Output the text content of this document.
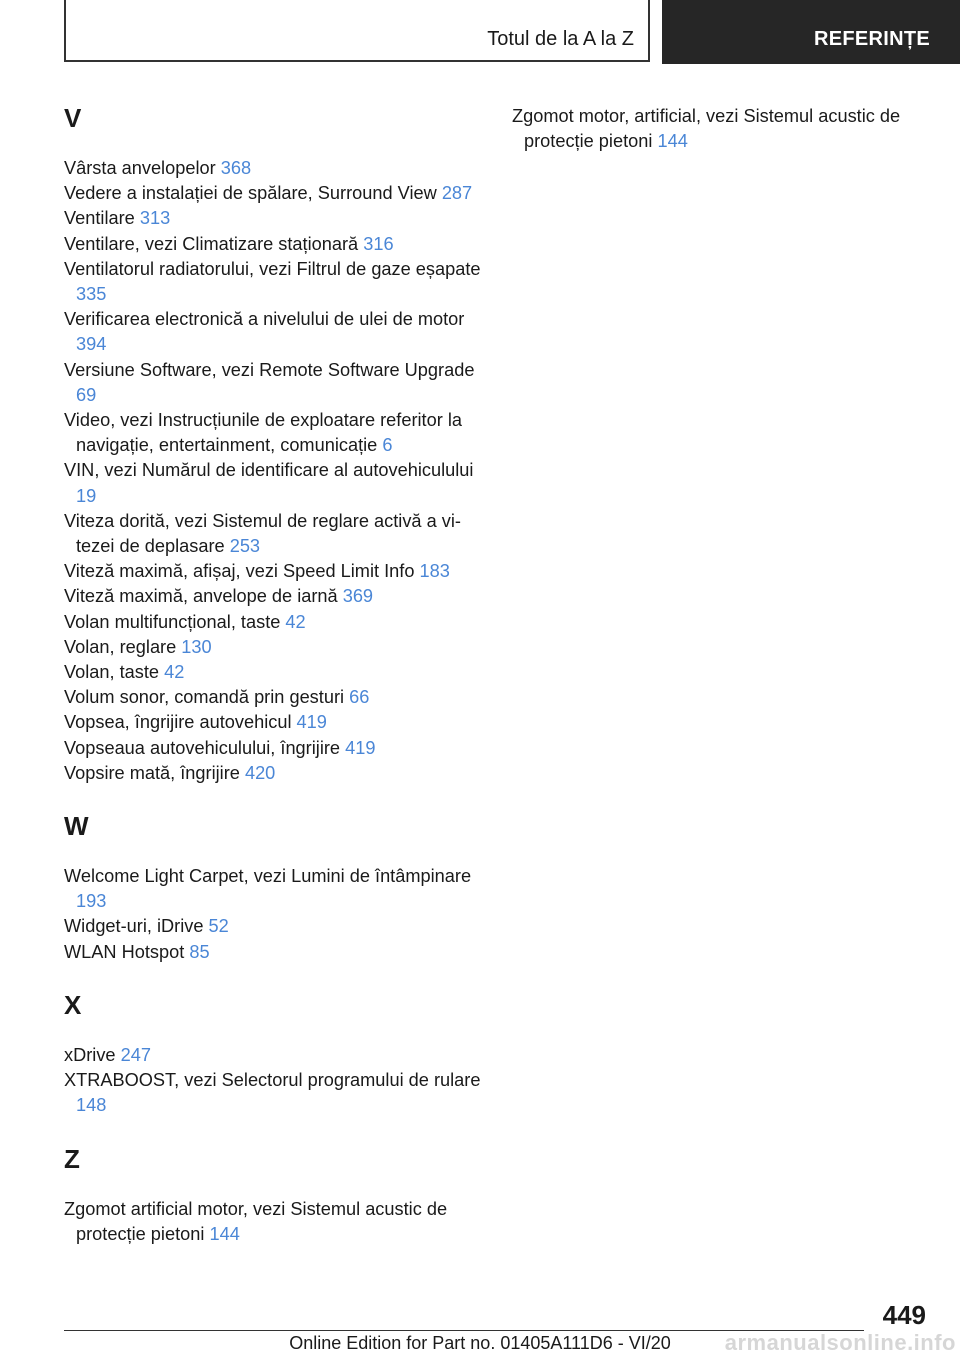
Totul de la A la Z	REFERINȚE
V
Vârsta anvelopelor 368
Vedere a instalației de spălare, Surround View 287
Ventilare 313
Ventilare, vezi Climatizare staționară 316
Ventilatorul radiatorului, vezi Filtrul de gaze eșapate 335
Verificarea electronică a nivelului de ulei de motor 394
Versiune Software, vezi Remote Software Upgrade 69
Video, vezi Instrucțiunile de exploatare referitor la navigație, entertainment, comunicație 6
VIN, vezi Numărul de identificare al autovehiculului 19
Viteza dorită, vezi Sistemul de reglare activă a vitezei de deplasare 253
Viteză maximă, afișaj, vezi Speed Limit Info 183
Viteză maximă, anvelope de iarnă 369
Volan multifuncțional, taste 42
Volan, reglare 130
Volan, taste 42
Volum sonor, comandă prin gesturi 66
Vopsea, îngrijire autovehicul 419
Vopseaua autovehiculului, îngrijire 419
Vopsire mată, îngrijire 420
W
Welcome Light Carpet, vezi Lumini de întâmpinare 193
Widget-uri, iDrive 52
WLAN Hotspot 85
X
xDrive 247
XTRABOOST, vezi Selectorul programului de rulare 148
Z
Zgomot artificial motor, vezi Sistemul acustic de protecție pietoni 144
Zgomot motor, artificial, vezi Sistemul acustic de protecție pietoni 144
449
Online Edition for Part no. 01405A111D6 - VI/20	armanualsonline.info
